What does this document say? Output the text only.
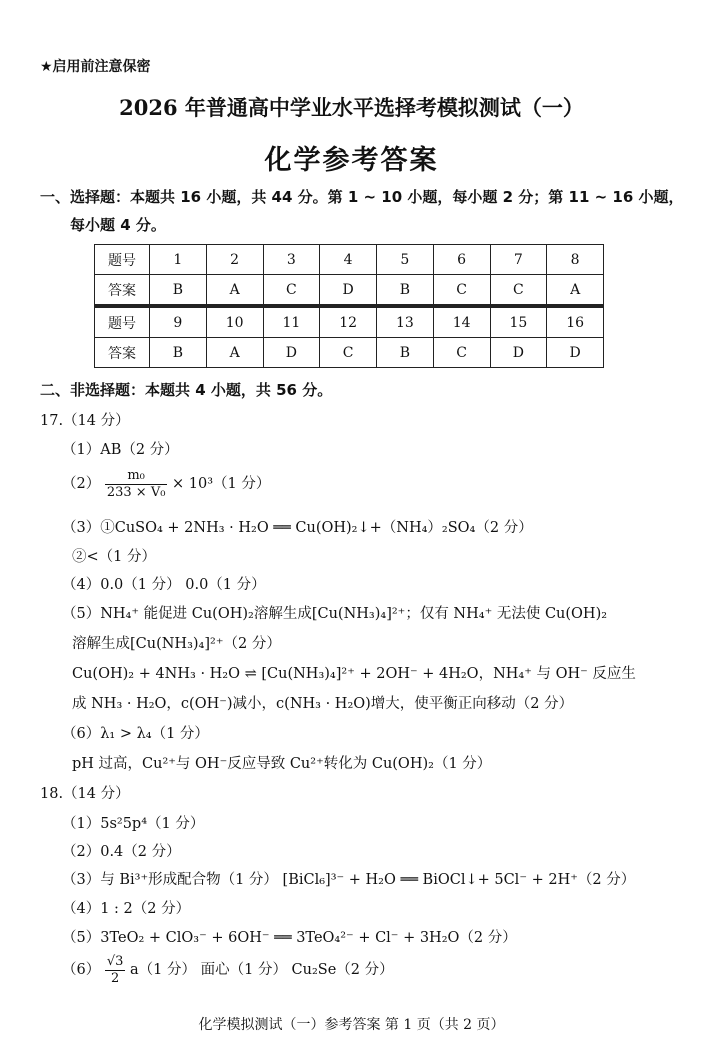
★启用前注意保密
2026 年普通高中学业水平选择考模拟测试（一）
化学参考答案
一、选择题：本题共 16 小题，共 44 分。第 1 ~ 10 小题，每小题 2 分；第 11 ~ 16 小题，
每小题 4 分。
题号	1	2	3	4	5	6	7	8
答案	B	A	C	D	B	C	C	A
题号	9	10	11	12	13	14	15	16
答案	B	A	D	C	B	C	D	D
二、非选择题：本题共 4 小题，共 56 分。
17.（14 分）
（1）AB（2 分）
$(2) \frac{\text{m₀}}{\text{233 × V₀}} \times 10^3(1$ 分）
（3）①CuSO₄ + 2NH₃ · H₂O ══ Cu(OH)₂↓+（NH₄）₂SO₄（2 分）
②<（1 分）
（4）0.0（1 分） 0.0（1 分）
（5）NH₄⁺ 能促进 Cu(OH)₂溶解生成[Cu(NH₃)₄]²⁺；仅有 NH₄⁺ 无法使 Cu(OH)₂
溶解生成[Cu(NH₃)₄]²⁺（2 分）
Cu(OH)₂ + 4NH₃ · H₂O ⇌ [Cu(NH₃)₄]²⁺ + 2OH⁻ + 4H₂O，NH₄⁺ 与 OH⁻ 反应生
成 NH₃ · H₂O，c(OH⁻)减小，c(NH₃ · H₂O)增大，使平衡正向移动（2 分）
（6）λ₁ > λ₄（1 分）
pH 过高，Cu²⁺与 OH⁻反应导致 Cu²⁺转化为 Cu(OH)₂（1 分）
18.（14 分）
（1）5s²5p⁴（1 分）
（2）0.4（2 分）
（3）与 Bi³⁺形成配合物（1 分） [BiCl₆]³⁻ + H₂O ══ BiOCl↓+ 5Cl⁻ + 2H⁺（2 分）
（4）1 : 2（2 分）
（5）3TeO₂ + ClO₃⁻ + 6OH⁻ ══ 3TeO₄²⁻ + Cl⁻ + 3H₂O（2 分）
$(6) \frac{√3}{2} a(1$ 分） 面心（1 分） Cu₂Se（2 分）
化学模拟测试（一）参考答案 第 1 页（共 2 页）
